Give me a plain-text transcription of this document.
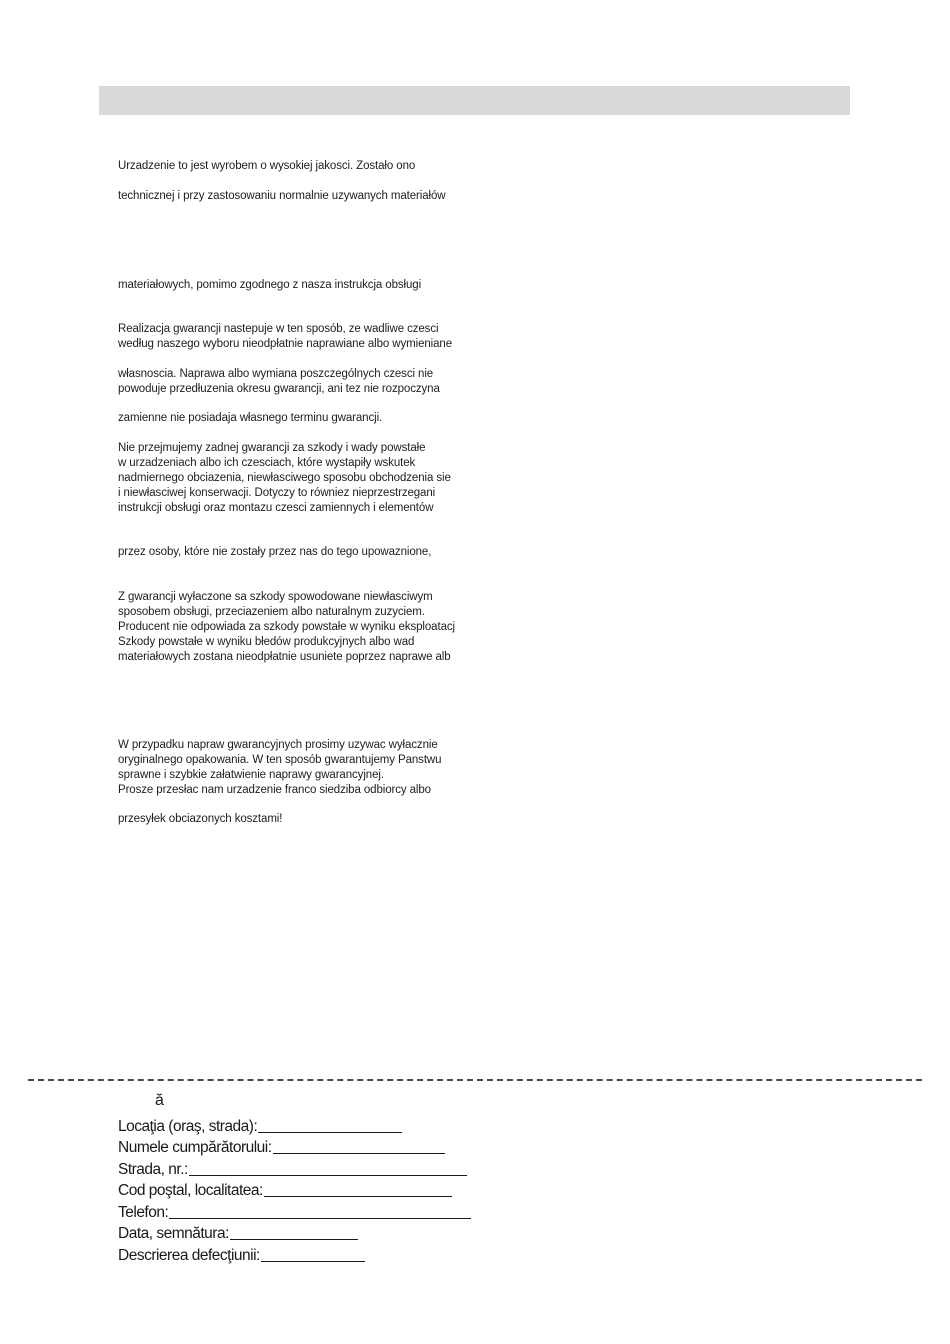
Urzadzenie to jest wyrobem o wysokiej jakosci. Zostało ono

technicznej i przy zastosowaniu normalnie uzywanych materiałów

materiałowych, pomimo zgodnego z nasza instrukcja obsługi

Realizacja gwarancji nastepuje w ten sposób, ze wadliwe czesci
według naszego wyboru nieodpłatnie naprawiane albo wymieniane

własnoscia. Naprawa albo wymiana poszczególnych czesci nie
powoduje przedłuzenia okresu gwarancji, ani tez nie rozpoczyna

zamienne nie posiadaja własnego terminu gwarancji.

Nie przejmujemy zadnej gwarancji za szkody i wady powstałe
w urzadzeniach albo ich czesciach, które wystapiły wskutek
nadmiernego obciazenia, niewłasciwego sposobu obchodzenia sie
i niewłasciwej konserwacji. Dotyczy to równiez nieprzestrzegani
instrukcji obsługi oraz montazu czesci zamiennych i elementów

przez osoby, które nie zostały przez nas do tego upowaznione,

Z gwarancji wyłaczone sa szkody spowodowane niewłasciwym
sposobem obsługi, przeciazeniem albo naturalnym zuzyciem.
Producent nie odpowiada za szkody powstałe w wyniku eksploatacj
Szkody powstałe w wyniku błedów produkcyjnych albo wad
materiałowych zostana nieodpłatnie usuniete poprzez naprawe alb

W przypadku napraw gwarancyjnych prosimy uzywac wyłacznie
oryginalnego opakowania. W ten sposób gwarantujemy Panstwu
sprawne i szybkie załatwienie naprawy gwarancyjnej.
Prosze przesłac nam urzadzenie franco siedziba odbiorcy albo

przesyłek obciazonych kosztami!

ă
Locaţia (oraş, strada):
Numele cumpărătorului:
Strada, nr.:
Cod poştal, localitatea:
Telefon:
Data, semnătura:
Descrierea defecţiunii:
